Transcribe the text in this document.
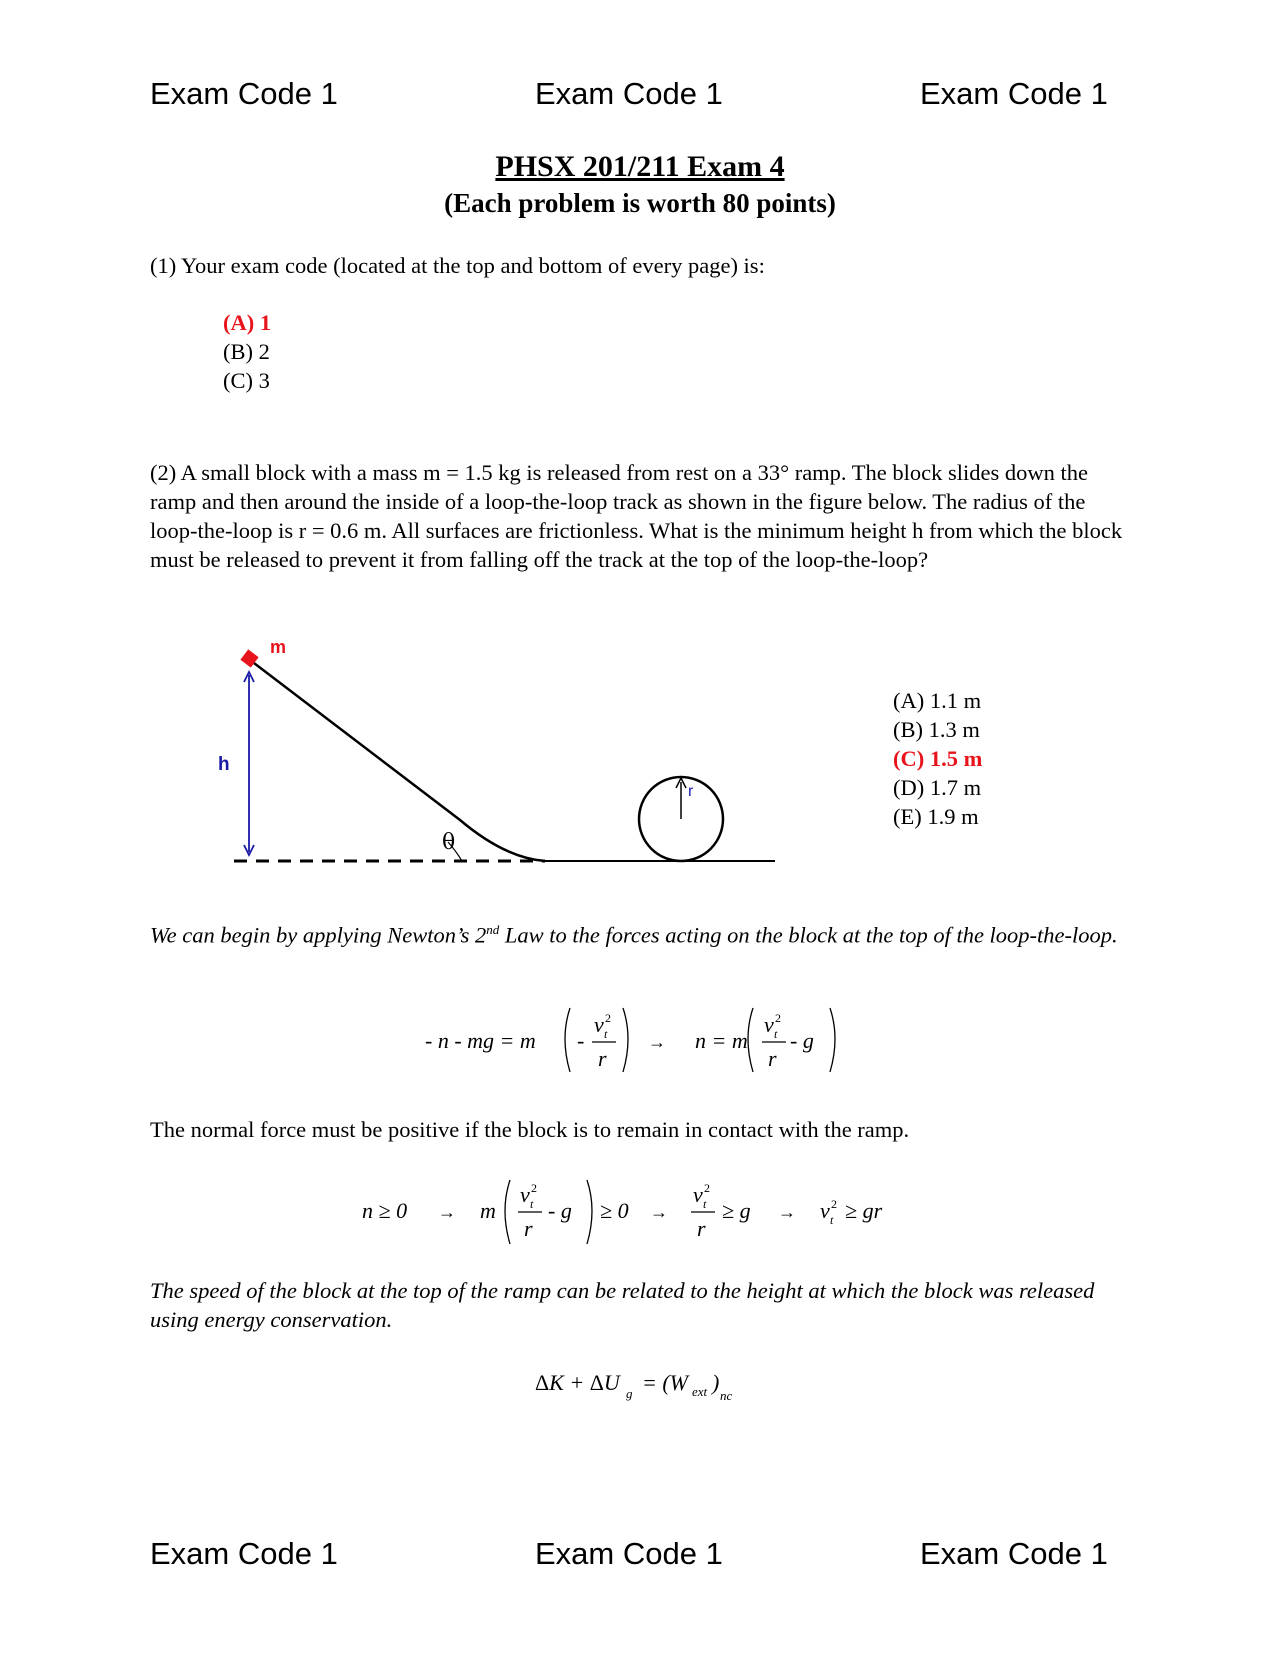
Exam Code 1	Exam Code 1	Exam Code 1
PHSX 201/211 Exam 4
(Each problem is worth 80 points)
(1) Your exam code (located at the top and bottom of every page) is:
(A) 1
(B) 2
(C) 3
(2) A small block with a mass m = 1.5 kg is released from rest on a 33° ramp. The block slides down the ramp and then around the inside of a loop-the-loop track as shown in the figure below. The radius of the loop-the-loop is r = 0.6 m. All surfaces are frictionless. What is the minimum height h from which the block must be released to prevent it from falling off the track at the top of the loop-the-loop?
m
h
θ
r
(A) 1.1 m
(B) 1.3 m
(C) 1.5 m
(D) 1.7 m
(E) 1.9 m
We can begin by applying Newton’s 2nd Law to the forces acting on the block at the top of the loop-the-loop.
- n - mg = m -
v t
2
r
→ n = m
v t
2
r
- g
The normal force must be positive if the block is to remain in contact with the ramp.
n ≥ 0 → m
v t
2
r
- g ≥ 0 →
v t
2
r
≥ g → v t
2 ≥ gr
The speed of the block at the top of the ramp can be related to the height at which the block was released using energy conservation.
ΔK + ΔU g = (W ext )
nc
Exam Code 1	Exam Code 1	Exam Code 1
